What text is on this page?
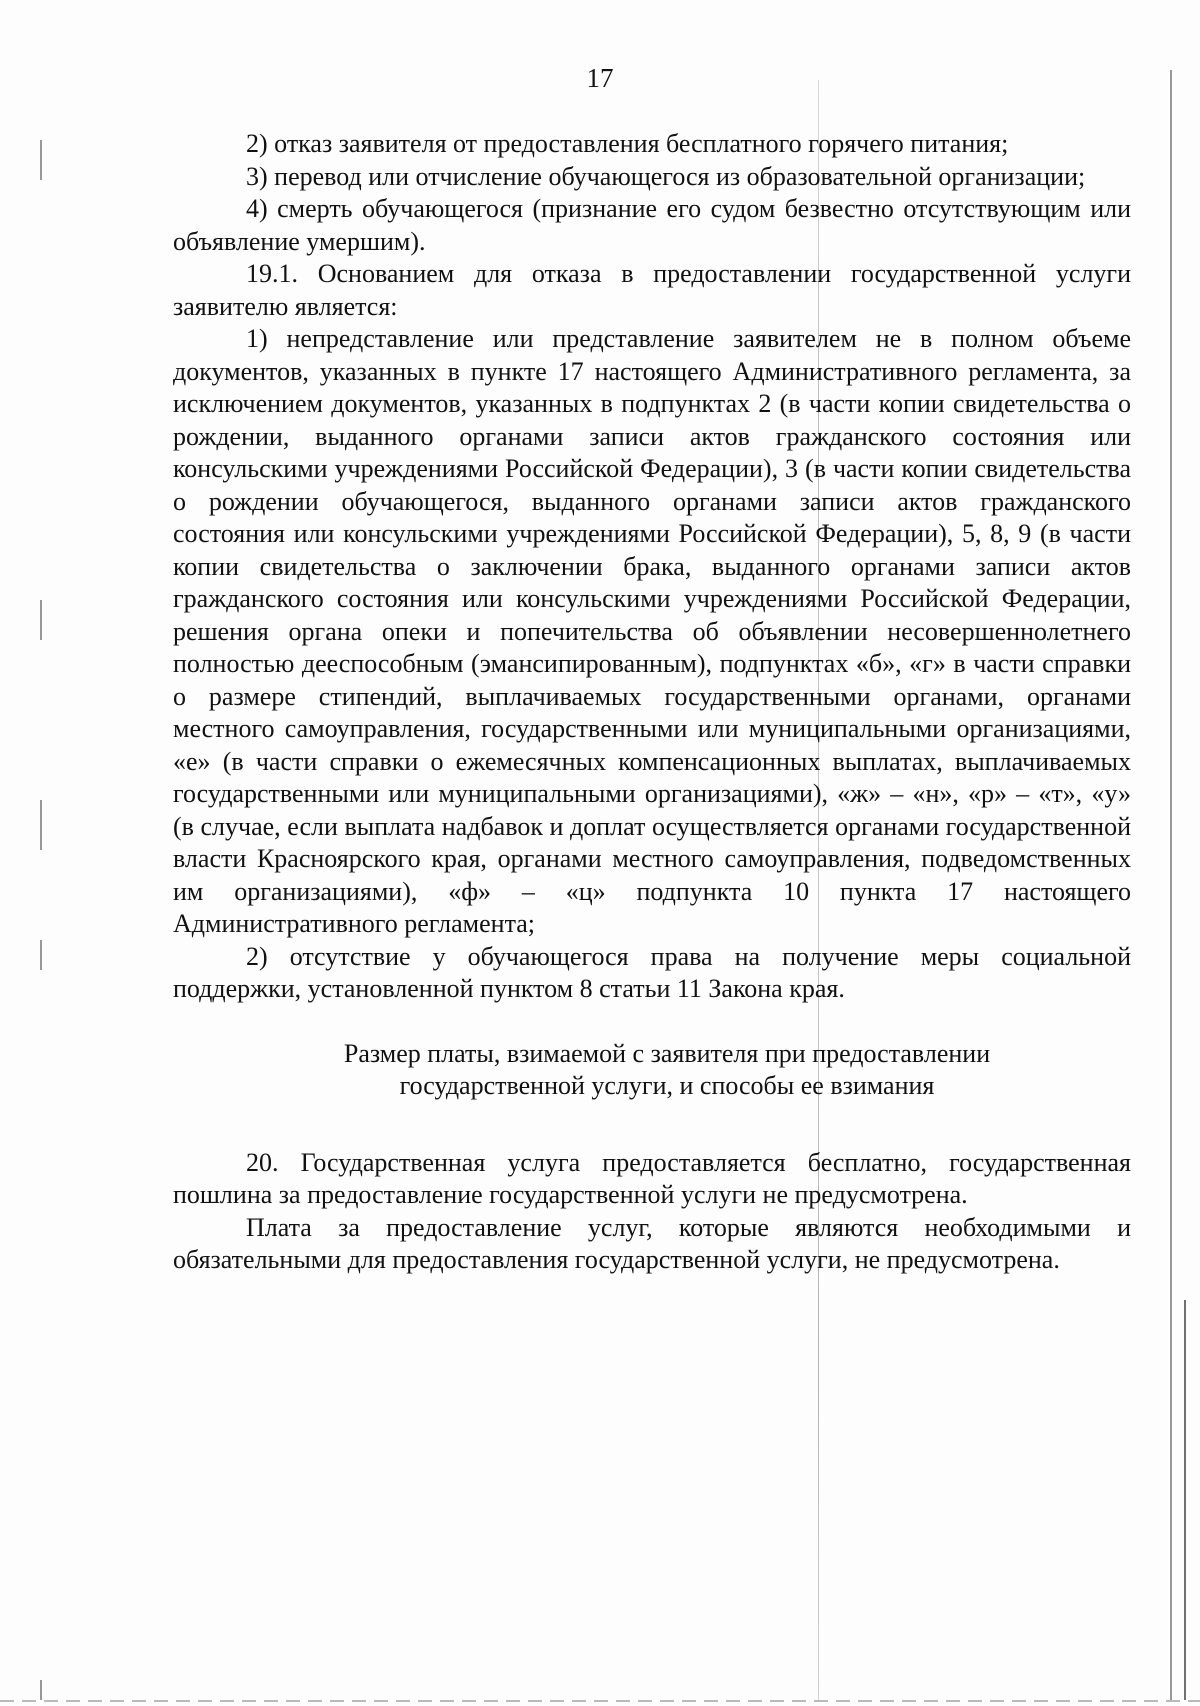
17

2) отказ заявителя от предоставления бесплатного горячего питания;

3) перевод или отчисление обучающегося из образовательной организации;

4) смерть обучающегося (признание его судом безвестно отсутствующим или объявление умершим).

19.1. Основанием для отказа в предоставлении государственной услуги заявителю является:

1) непредставление или представление заявителем не в полном объеме документов, указанных в пункте 17 настоящего Административного регламента, за исключением документов, указанных в подпунктах 2 (в части копии свидетельства о рождении, выданного органами записи актов гражданского состояния или консульскими учреждениями Российской Федерации), 3 (в части копии свидетельства о рождении обучающегося, выданного органами записи актов гражданского состояния или консульскими учреждениями Российской Федерации), 5, 8, 9 (в части копии свидетельства о заключении брака, выданного органами записи актов гражданского состояния или консульскими учреждениями Российской Федерации, решения органа опеки и попечительства об объявлении несовершеннолетнего полностью дееспособным (эмансипированным), подпунктах «б», «г» в части справки о размере стипендий, выплачиваемых государственными органами, органами местного самоуправления, государственными или муниципальными организациями, «е» (в части справки о ежемесячных компенсационных выплатах, выплачиваемых государственными или муниципальными организациями), «ж» – «н», «р» – «т», «у» (в случае, если выплата надбавок и доплат осуществляется органами государственной власти Красноярского края, органами местного самоуправления, подведомственных им организациями), «ф» – «ц» подпункта 10 пункта 17 настоящего Административного регламента;

2) отсутствие у обучающегося права на получение меры социальной поддержки, установленной пунктом 8 статьи 11 Закона края.

Размер платы, взимаемой с заявителя при предоставлении

государственной услуги, и способы ее взимания

20. Государственная услуга предоставляется бесплатно, государственная пошлина за предоставление государственной услуги не предусмотрена.

Плата за предоставление услуг, которые являются необходимыми и обязательными для предоставления государственной услуги, не предусмотрена.
